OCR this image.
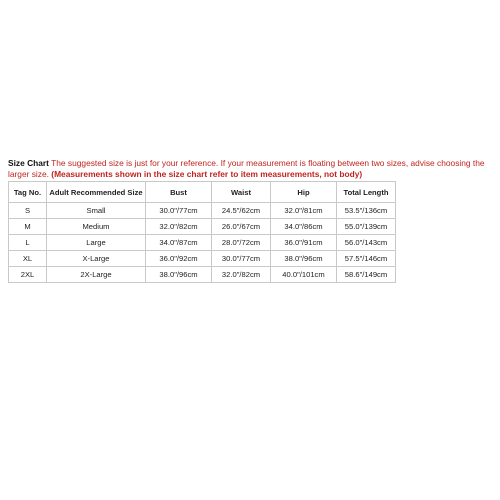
Size Chart The suggested size is just for your reference. If your measurement is floating between two sizes, advise choosing the larger size. (Measurements shown in the size chart refer to item measurements, not body)
Tag No.	Adult Recommended Size	Bust	Waist	Hip	Total Length
S	Small	30.0"/77cm	24.5"/62cm	32.0"/81cm	53.5"/136cm
M	Medium	32.0"/82cm	26.0"/67cm	34.0"/86cm	55.0"/139cm
L	Large	34.0"/87cm	28.0"/72cm	36.0"/91cm	56.0"/143cm
XL	X-Large	36.0"/92cm	30.0"/77cm	38.0"/96cm	57.5"/146cm
2XL	2X-Large	38.0"/96cm	32.0"/82cm	40.0"/101cm	58.6"/149cm
